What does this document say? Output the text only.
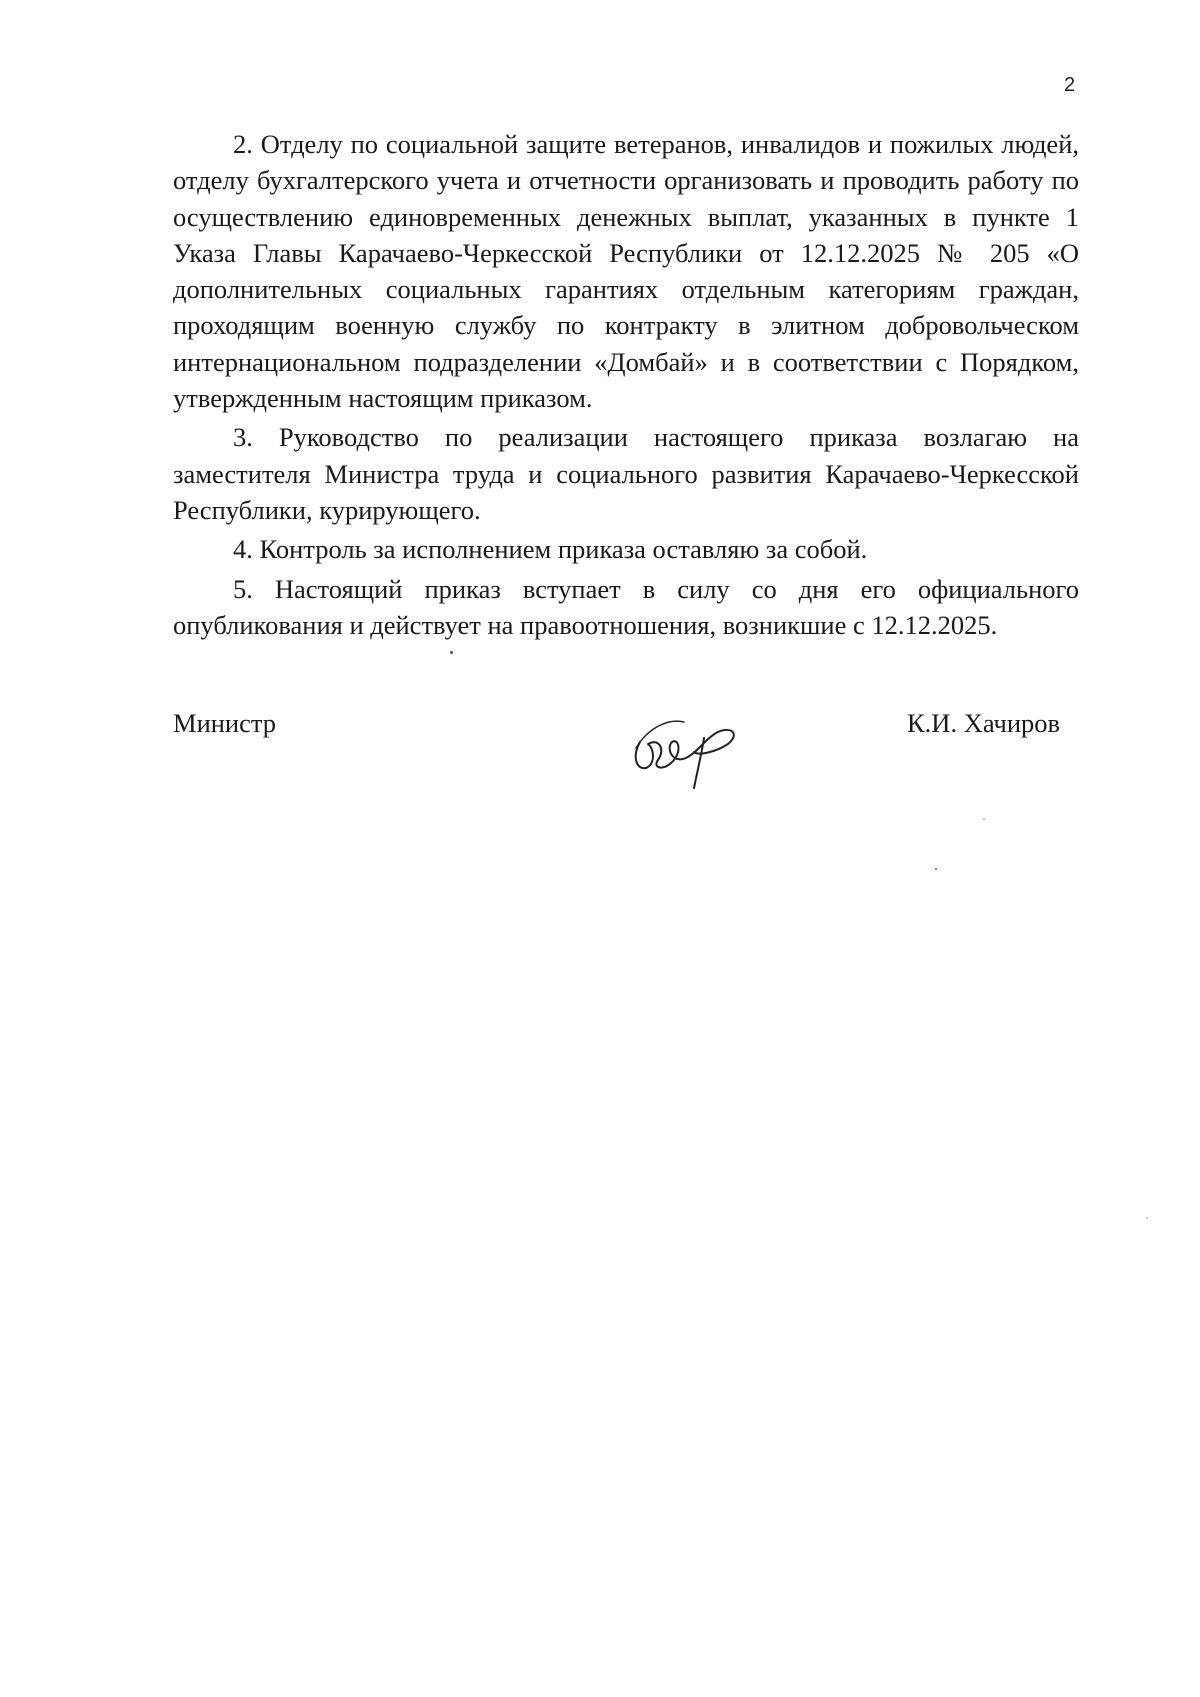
2

2. Отделу по социальной защите ветеранов, инвалидов и пожилых людей, отделу бухгалтерского учета и отчетности организовать и проводить работу по осуществлению единовременных денежных выплат, указанных в пункте 1 Указа Главы Карачаево-Черкесской Республики от 12.12.2025 № 205 «О дополнительных социальных гарантиях отдельным категориям граждан, проходящим военную службу по контракту в элитном добровольческом интернациональном подразделении «Домбай» и в соответствии с Порядком, утвержденным настоящим приказом.

3. Руководство по реализации настоящего приказа возлагаю на заместителя Министра труда и социального развития Карачаево-Черкесской Республики, курирующего.

4. Контроль за исполнением приказа оставляю за собой.

5. Настоящий приказ вступает в силу со дня его официального опубликования и действует на правоотношения, возникшие с 12.12.2025.

Министр	К.И. Хачиров
